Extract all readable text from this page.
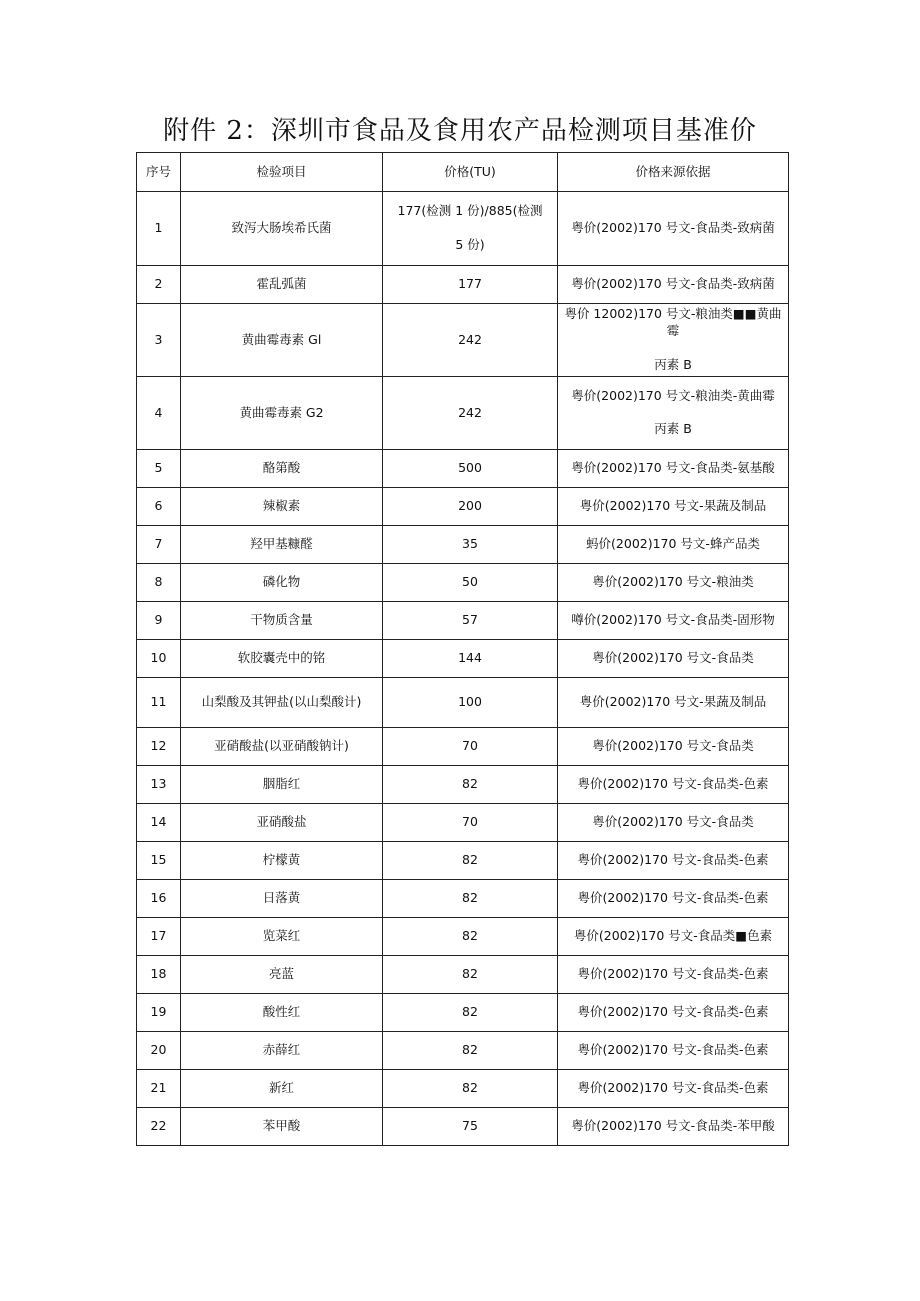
附件 2：深圳市食品及食用农产品检测项目基准价
序号	检验项目	价格(TU)	价格来源依据
1	致泻大肠埃希氏菌	177(检测 1 份)/885(检测

5 份)	粤价(2002)170 号文-食品类-致病菌
2	霍乱弧菌	177	粤价(2002)170 号文-食品类-致病菌
3	黄曲霉毒素 Gl	242	粤价 12002)170 号文-粮油类■■黄曲霉

丙素 B
4	黄曲霉毒素 G2	242	粤价(2002)170 号文-粮油类-黄曲霉

丙素 B
5	酪第酸	500	粤价(2002)170 号文-食品类-氨基酸
6	辣椒素	200	粤价(2002)170 号文-果蔬及制品
7	羟甲基糠醛	35	蚂价(2002)170 号文-蜂产品类
8	磷化物	50	粤价(2002)170 号文-粮油类
9	干物质含量	57	噂价(2002)170 号文-食品类-固形物
10	软胶囊壳中的铭	144	粤价(2002)170 号文-食品类
11	山梨酸及其钾盐(以山梨酸计)	100	粤价(2002)170 号文-果蔬及制品
12	亚硝酸盐(以亚硝酸钠计)	70	粤价(2002)170 号文-食品类
13	胭脂红	82	粤价(2002)170 号文-食品类-色素
14	亚硝酸盐	70	粤价(2002)170 号文-食品类
15	柠檬黄	82	粤价(2002)170 号文-食品类-色素
16	日落黄	82	粤价(2002)170 号文-食品类-色素
17	览菜红	82	粤价(2002)170 号文-食品类■色素
18	亮蓝	82	粤价(2002)170 号文-食品类-色素
19	酸性红	82	粤价(2002)170 号文-食品类-色素
20	赤薛红	82	粤价(2002)170 号文-食品类-色素
21	新红	82	粤价(2002)170 号文-食品类-色素
22	苯甲酸	75	粤价(2002)170 号文-食品类-苯甲酸
